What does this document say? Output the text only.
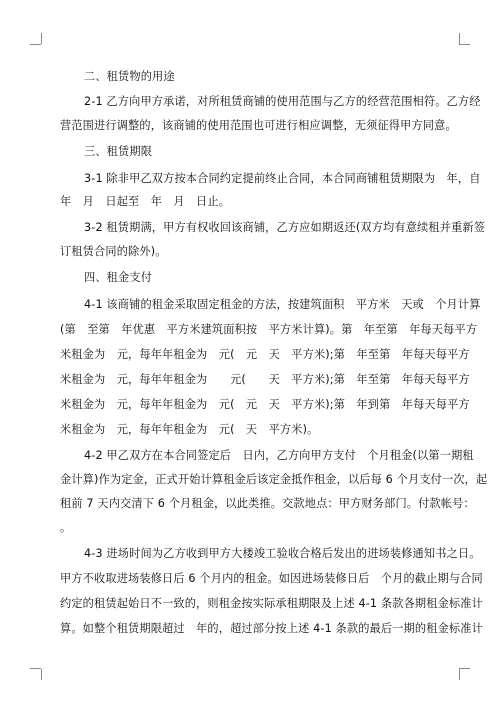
二、租赁物的用途

2-1 乙方向甲方承诺，对所租赁商铺的使用范围与乙方的经营范围相符。乙方经
营范围进行调整的，该商铺的使用范围也可进行相应调整，无须征得甲方同意。

三、租赁期限

3-1 除非甲乙双方按本合同约定提前终止合同，本合同商铺租赁期限为　年，自
年　月　日起至　年　月　日止。

3-2 租赁期满，甲方有权收回该商铺，乙方应如期返还(双方均有意续租并重新签
订租赁合同的除外)。

四、租金支付

4-1 该商铺的租金采取固定租金的方法，按建筑面积　平方米　天或　个月计算
(第　至第　年优惠　平方米建筑面积按　平方米计算)。第　年至第　年每天每平方
米租金为　元，每年年租金为　元(　元　天　平方米);第　年至第　年每天每平方
米租金为　元，每年年租金为　　元(　　天　平方米);第　年至第　年每天每平方
米租金为　元，每年年租金为　元(　元　天　平方米);第　年到第　年每天每平方
米租金为　元，每年年租金为　元(　天　平方米)。

4-2 甲乙双方在本合同签定后　日内，乙方向甲方支付　个月租金(以第一期租
金计算)作为定金，正式开始计算租金后该定金抵作租金，以后每 6 个月支付一次，起
租前 7 天内交清下 6 个月租金，以此类推。交款地点：甲方财务部门。付款帐号：
。

4-3 进场时间为乙方收到甲方大楼竣工验收合格后发出的进场装修通知书之日。
甲方不收取进场装修日后 6 个月内的租金。如因进场装修日后　个月的截止期与合同
约定的租赁起始日不一致的，则租金按实际承租期限及上述 4-1 条款各期租金标准计
算。如整个租赁期限超过　年的，超过部分按上述 4-1 条款的最后一期的租金标准计
